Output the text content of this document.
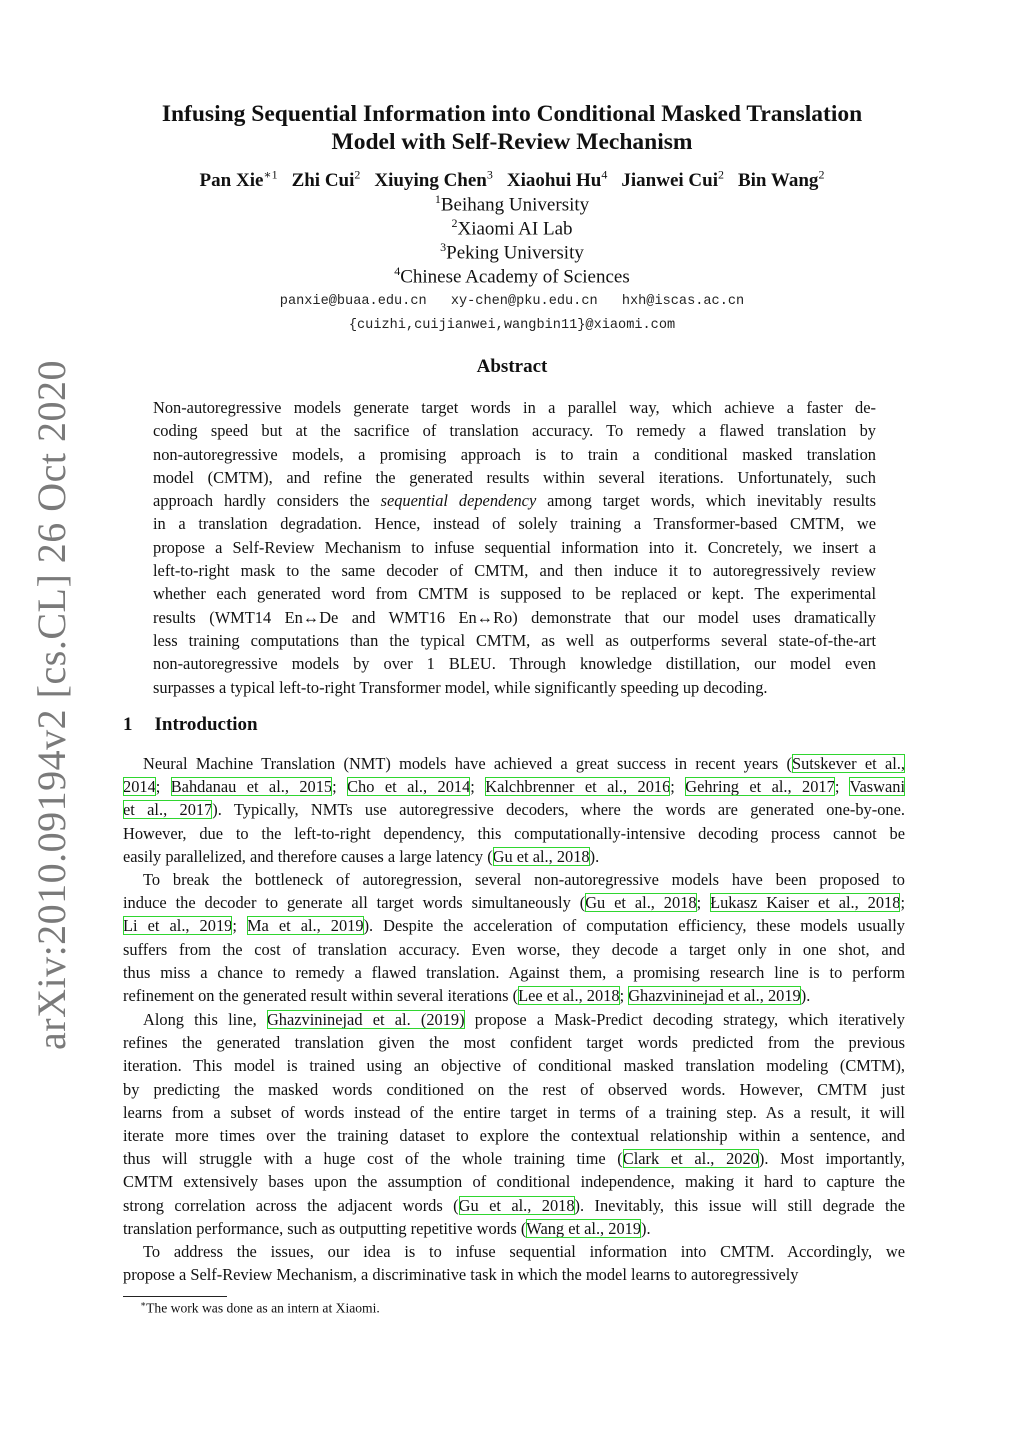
arXiv:2010.09194v2 [cs.CL] 26 Oct 2020
Infusing Sequential Information into Conditional Masked Translation
Model with Self-Review Mechanism
Pan Xie$^{∗1}$ Zhi Cui$^2$ Xiuying Chen$^3$ Xiaohui Hu$^4$ Jianwei Cui$^2$ Bin Wang$^2$
$^1$Beihang University
$^2$Xiaomi AI Lab
$^3$Peking University
$^4$Chinese Academy of Sciences
panxie@buaa.edu.cn xy-chen@pku.edu.cn hxh@iscas.ac.cn
{cuizhi,cuijianwei,wangbin11}@xiaomi.com
Abstract
Non-autoregressive models generate target words in a parallel way, which achieve a faster de-
coding speed but at the sacrifice of translation accuracy. To remedy a flawed translation by
non-autoregressive models, a promising approach is to train a conditional masked translation
model (CMTM), and refine the generated results within several iterations. Unfortunately, such
approach hardly considers the sequential dependency among target words, which inevitably results
in a translation degradation. Hence, instead of solely training a Transformer-based CMTM, we
propose a Self-Review Mechanism to infuse sequential information into it. Concretely, we insert a
left-to-right mask to the same decoder of CMTM, and then induce it to autoregressively review
whether each generated word from CMTM is supposed to be replaced or kept. The experimental
results (WMT14 En↔De and WMT16 En↔Ro) demonstrate that our model uses dramatically
less training computations than the typical CMTM, as well as outperforms several state-of-the-art
non-autoregressive models by over 1 BLEU. Through knowledge distillation, our model even
surpasses a typical left-to-right Transformer model, while significantly speeding up decoding.
1 Introduction
Neural Machine Translation (NMT) models have achieved a great success in recent years (Sutskever et al.,
2014; Bahdanau et al., 2015; Cho et al., 2014; Kalchbrenner et al., 2016; Gehring et al., 2017; Vaswani
et al., 2017). Typically, NMTs use autoregressive decoders, where the words are generated one-by-one.
However, due to the left-to-right dependency, this computationally-intensive decoding process cannot be
easily parallelized, and therefore causes a large latency (Gu et al., 2018).
To break the bottleneck of autoregression, several non-autoregressive models have been proposed to
induce the decoder to generate all target words simultaneously (Gu et al., 2018; Łukasz Kaiser et al., 2018;
Li et al., 2019; Ma et al., 2019). Despite the acceleration of computation efficiency, these models usually
suffers from the cost of translation accuracy. Even worse, they decode a target only in one shot, and
thus miss a chance to remedy a flawed translation. Against them, a promising research line is to perform
refinement on the generated result within several iterations (Lee et al., 2018; Ghazvininejad et al., 2019).
Along this line, Ghazvininejad et al. (2019) propose a Mask-Predict decoding strategy, which iteratively
refines the generated translation given the most confident target words predicted from the previous
iteration. This model is trained using an objective of conditional masked translation modeling (CMTM),
by predicting the masked words conditioned on the rest of observed words. However, CMTM just
learns from a subset of words instead of the entire target in terms of a training step. As a result, it will
iterate more times over the training dataset to explore the contextual relationship within a sentence, and
thus will struggle with a huge cost of the whole training time (Clark et al., 2020). Most importantly,
CMTM extensively bases upon the assumption of conditional independence, making it hard to capture the
strong correlation across the adjacent words (Gu et al., 2018). Inevitably, this issue will still degrade the
translation performance, such as outputting repetitive words (Wang et al., 2019).
To address the issues, our idea is to infuse sequential information into CMTM. Accordingly, we
propose a Self-Review Mechanism, a discriminative task in which the model learns to autoregressively
∗The work was done as an intern at Xiaomi.
